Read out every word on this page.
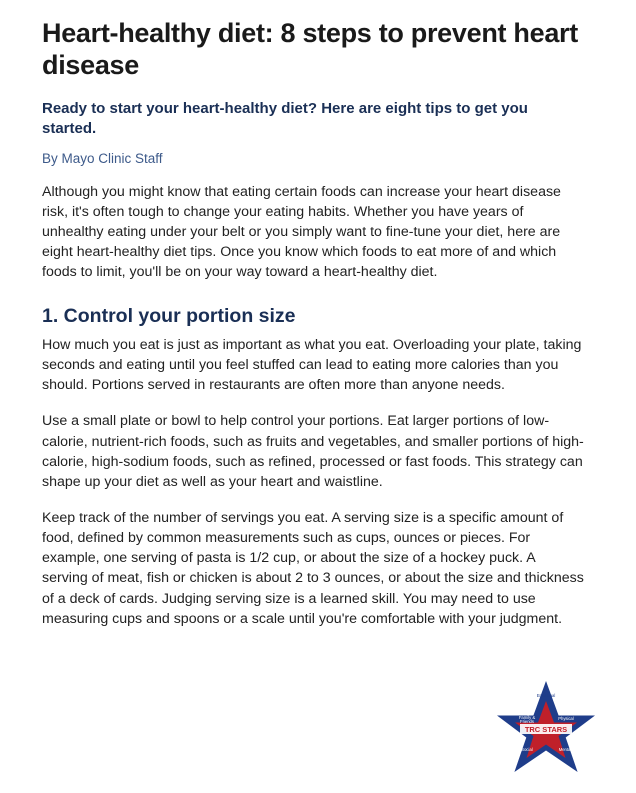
Heart-healthy diet: 8 steps to prevent heart disease

Ready to start your heart-healthy diet? Here are eight tips to get you started.

By Mayo Clinic Staff

Although you might know that eating certain foods can increase your heart disease risk, it's often tough to change your eating habits. Whether you have years of unhealthy eating under your belt or you simply want to fine-tune your diet, here are eight heart-healthy diet tips. Once you know which foods to eat more of and which foods to limit, you'll be on your way toward a heart-healthy diet.

1. Control your portion size

How much you eat is just as important as what you eat. Overloading your plate, taking seconds and eating until you feel stuffed can lead to eating more calories than you should. Portions served in restaurants are often more than anyone needs.

Use a small plate or bowl to help control your portions. Eat larger portions of low-calorie, nutrient-rich foods, such as fruits and vegetables, and smaller portions of high-calorie, high-sodium foods, such as refined, processed or fast foods. This strategy can shape up your diet as well as your heart and waistline.

Keep track of the number of servings you eat. A serving size is a specific amount of food, defined by common measurements such as cups, ounces or pieces. For example, one serving of pasta is 1/2 cup, or about the size of a hockey puck. A serving of meat, fish or chicken is about 2 to 3 ounces, or about the size and thickness of a deck of cards. Judging serving size is a learned skill. You may need to use measuring cups and spoons or a scale until you're comfortable with your judgment.

TRC STARS
Family &
Friends
Physical
Social	Mental
Emotional
